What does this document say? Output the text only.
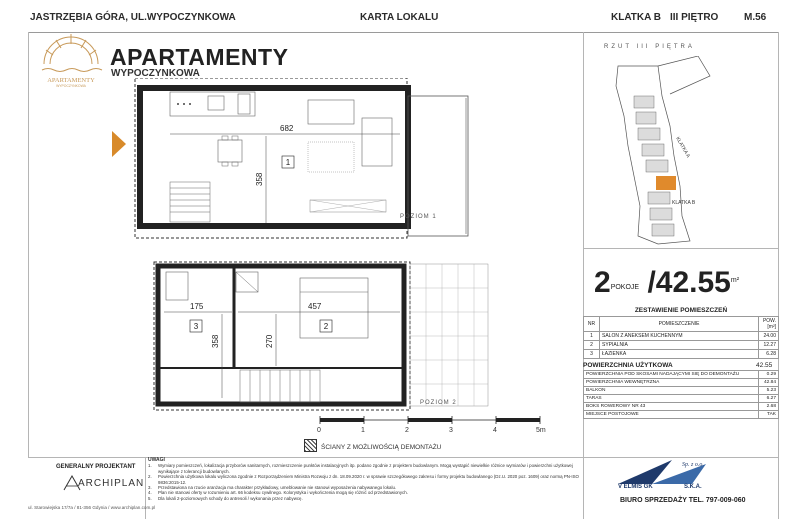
JASTRZĘBIA GÓRA, UL.WYPOCZYNKOWA	KARTA LOKALU	KLATKA B III PIĘTRO	M.56
APARTAMENTY
WYPOCZYNKOWA
APARTAMENTY
WYPOCZYNKOWA
682
358
1
POZIOM 1
175	457
270
358
3	2
POZIOM 2
0	1	2	3	4	5m
ŚCIANY Z MOŻLIWOŚCIĄ DEMONTAŻU
UWAGI
1.	Wymiary pomieszczeń, lokalizacja przyborów sanitarnych, rozmieszczenie punktów instalacyjnych itp. podano zgodnie z projektem budowlanym. Mogą wystąpić niewielkie różnice wymiarów i powierzchni użytkowej wynikające z tolerancji budowlanych.
2.	Powierzchnia użytkowa lokalu wyliczona zgodnie z Rozporządzeniem Ministra Rozwoju z dn. 18.09.2020 r. w sprawie szczegółowego zakresu i formy projektu budowlanego (Dz.U. 2020 poz. 1609) oraz normą PN-ISO 9836:2015-12.
3.	Przedstawiona na rzucie aranżacja ma charakter przykładowy, umeblowanie nie stanowi wyposażenia nabywanego lokalu.
4.	Plan nie stanowi oferty w rozumieniu art. 66 kodeksu cywilnego. Kolorystyka i wykończenia mogą się różnić od przedstawionych.
5.	Dla lokali 2-poziomowych schody do antresoli / wykonania przez nabywcę.
GENERALNY PROJEKTANT
ARCHIPLAN
ul. Starowiejska 17/7a / 81-356 Gdynia / www.archiplan.com.pl
RZUT III PIĘTRA
KLATKA A
KLATKA B
2POKOJE $/42.55^{m^2}$
ZESTAWIENIE POMIESZCZEŃ
NR	POMIESZCZENIE	POW. [m²]
1	SALON Z ANEKSEM KUCHENNYM	24.00
2	SYPIALNIA	12.27
3	ŁAZIENKA	6.28
POWIERZCHNIA UŻYTKOWA	42.55
POWIERZCHNIA POD SKOSAMI NADAJĄCYMI SIĘ DO DEMONTAŻU	0.29
POWIERZCHNIA WEWNĘTRZNA	42.84
BALKON	5.23
TARAS	6.27
BOKS ROWEROWY NR 43	2.68
MIEJSCE POSTOJOWE	TAK
Sp. z o.o.
V ELMIS GK	S.K.A.
BIURO SPRZEDAŻY TEL. 797-009-060
